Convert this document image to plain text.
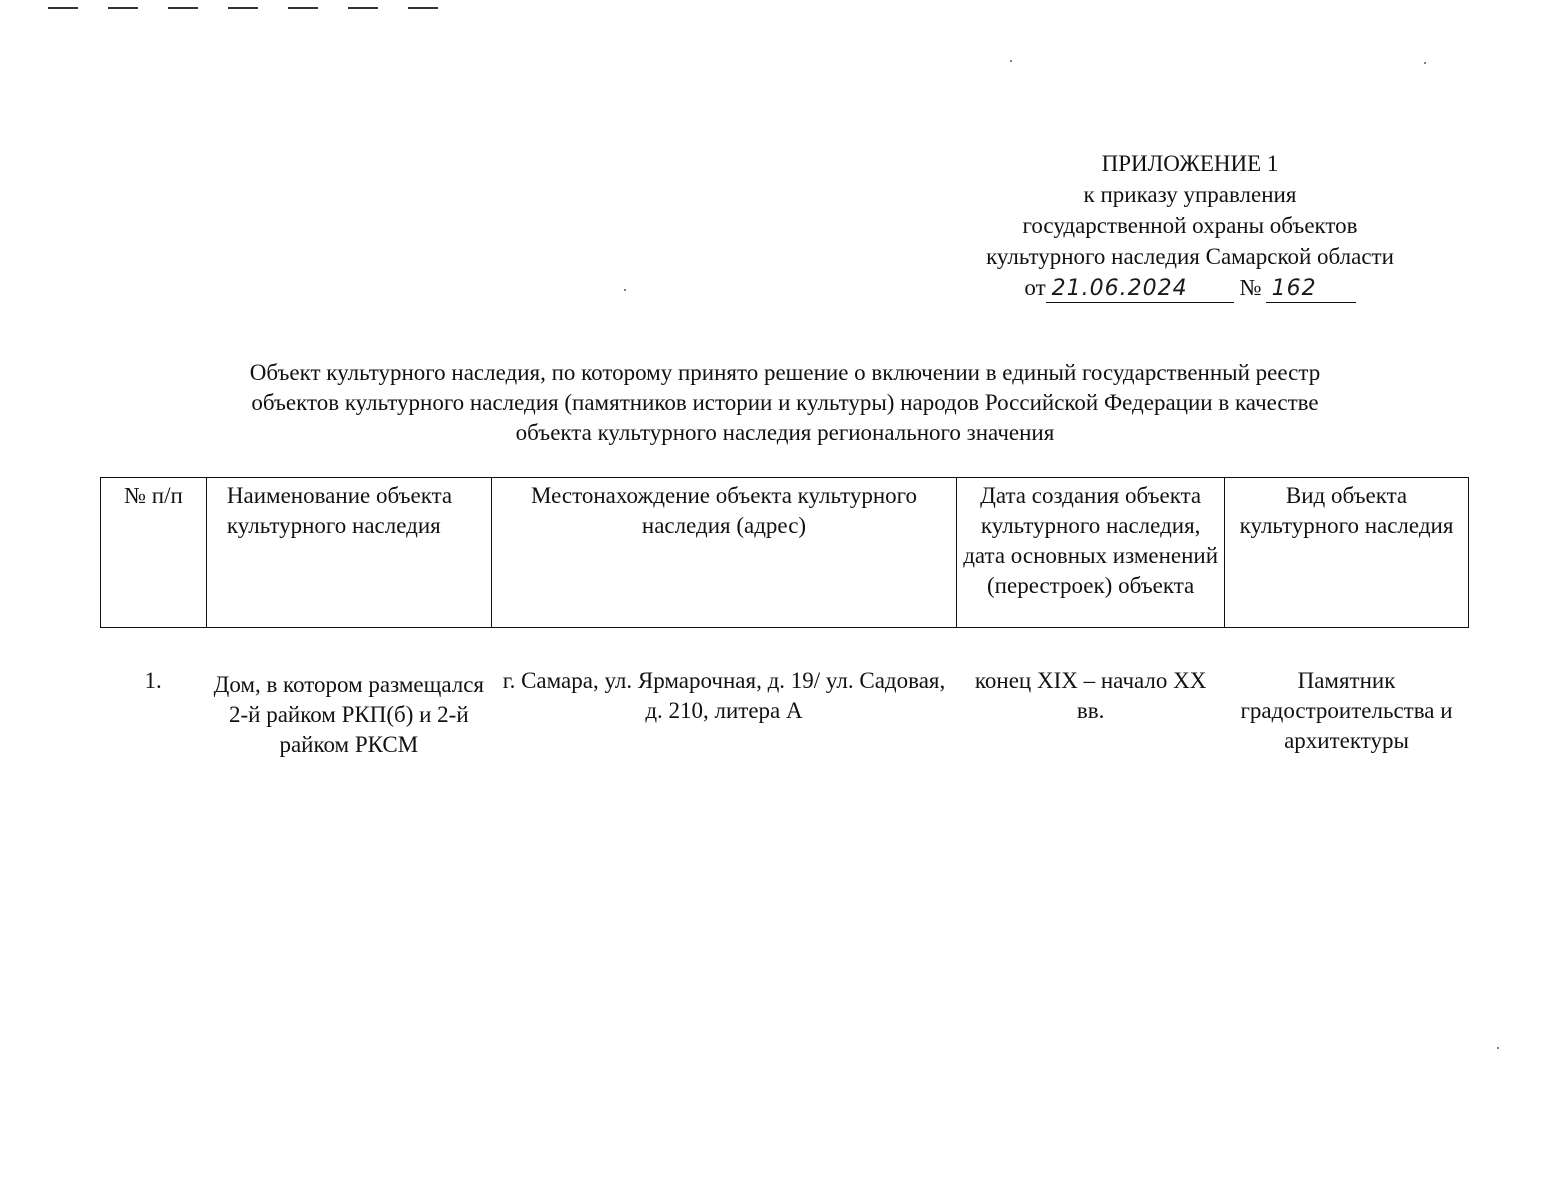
ПРИЛОЖЕНИЕ 1
к приказу управления
государственной охраны объектов
культурного наследия Самарской области
от 21.06.2024 № 162
Объект культурного наследия, по которому принято решение о включении в единый государственный реестр
объектов культурного наследия (памятников истории и культуры) народов Российской Федерации в качестве
объекта культурного наследия регионального значения
№ п/п	Наименование объекта культурного наследия	Местонахождение объекта культурного наследия (адрес)	Дата создания объекта культурного наследия, дата основных изменений (перестроек) объекта	Вид объекта культурного наследия
1.	Дом, в котором размещался 2-й райком РКП(б) и 2-й райком РКСМ	г. Самара, ул. Ярмарочная, д. 19/ ул. Садовая, д. 210, литера А	конец XIX – начало XX вв.	Памятник градостроительства и архитектуры
